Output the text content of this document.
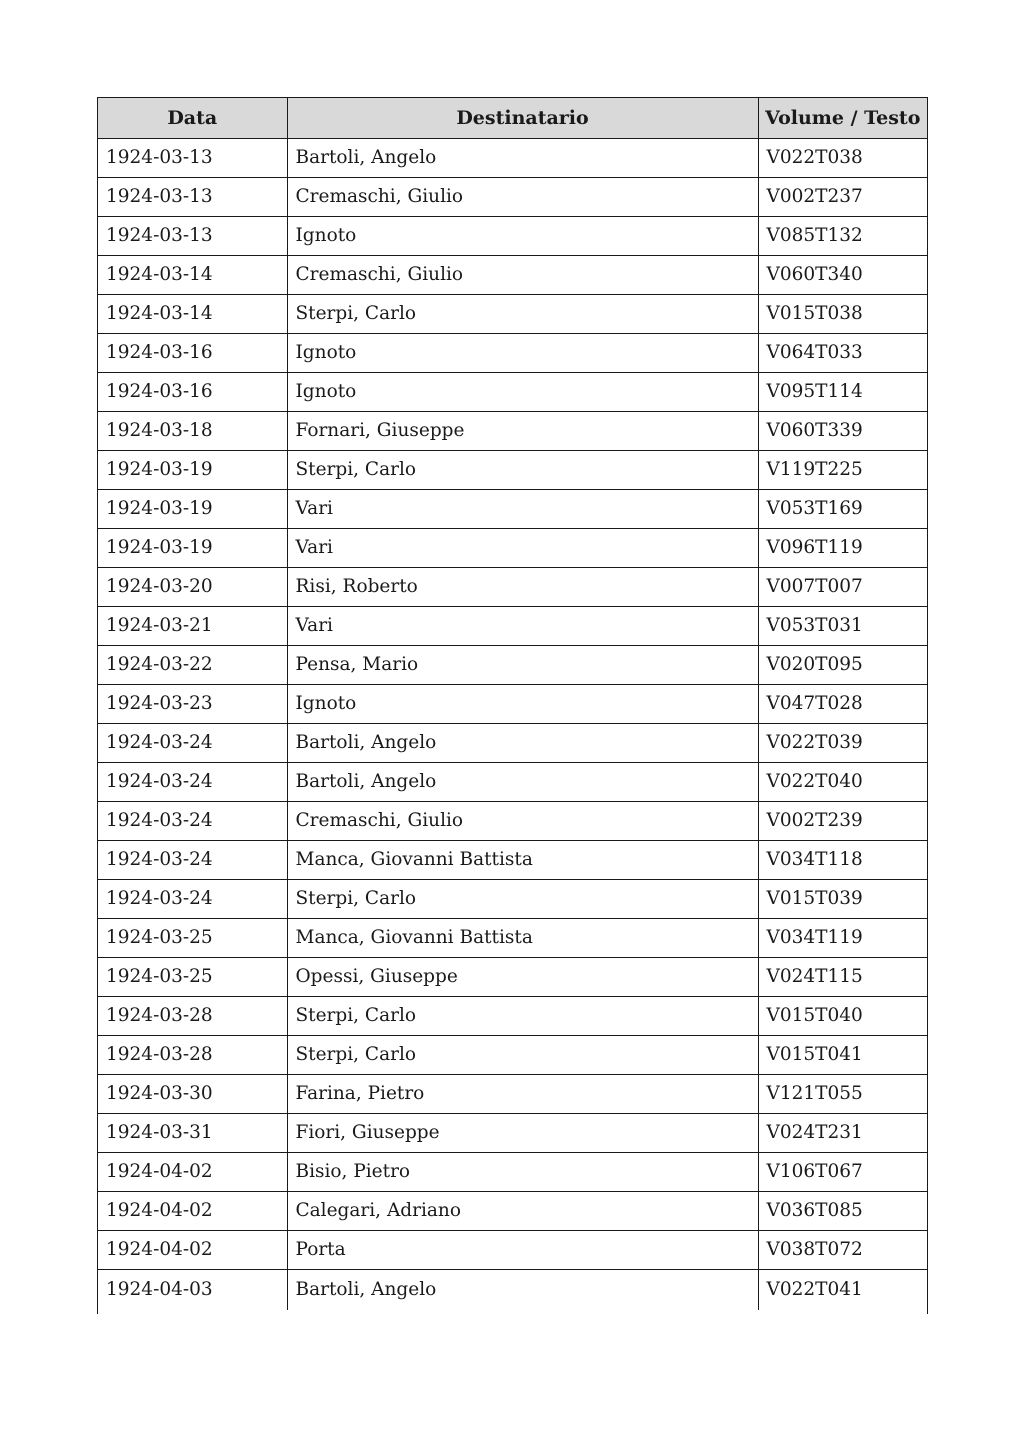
Data	Destinatario	Volume / Testo
1924-03-13	Bartoli, Angelo	V022T038
1924-03-13	Cremaschi, Giulio	V002T237
1924-03-13	Ignoto	V085T132
1924-03-14	Cremaschi, Giulio	V060T340
1924-03-14	Sterpi, Carlo	V015T038
1924-03-16	Ignoto	V064T033
1924-03-16	Ignoto	V095T114
1924-03-18	Fornari, Giuseppe	V060T339
1924-03-19	Sterpi, Carlo	V119T225
1924-03-19	Vari	V053T169
1924-03-19	Vari	V096T119
1924-03-20	Risi, Roberto	V007T007
1924-03-21	Vari	V053T031
1924-03-22	Pensa, Mario	V020T095
1924-03-23	Ignoto	V047T028
1924-03-24	Bartoli, Angelo	V022T039
1924-03-24	Bartoli, Angelo	V022T040
1924-03-24	Cremaschi, Giulio	V002T239
1924-03-24	Manca, Giovanni Battista	V034T118
1924-03-24	Sterpi, Carlo	V015T039
1924-03-25	Manca, Giovanni Battista	V034T119
1924-03-25	Opessi, Giuseppe	V024T115
1924-03-28	Sterpi, Carlo	V015T040
1924-03-28	Sterpi, Carlo	V015T041
1924-03-30	Farina, Pietro	V121T055
1924-03-31	Fiori, Giuseppe	V024T231
1924-04-02	Bisio, Pietro	V106T067
1924-04-02	Calegari, Adriano	V036T085
1924-04-02	Porta	V038T072
1924-04-03	Bartoli, Angelo	V022T041
